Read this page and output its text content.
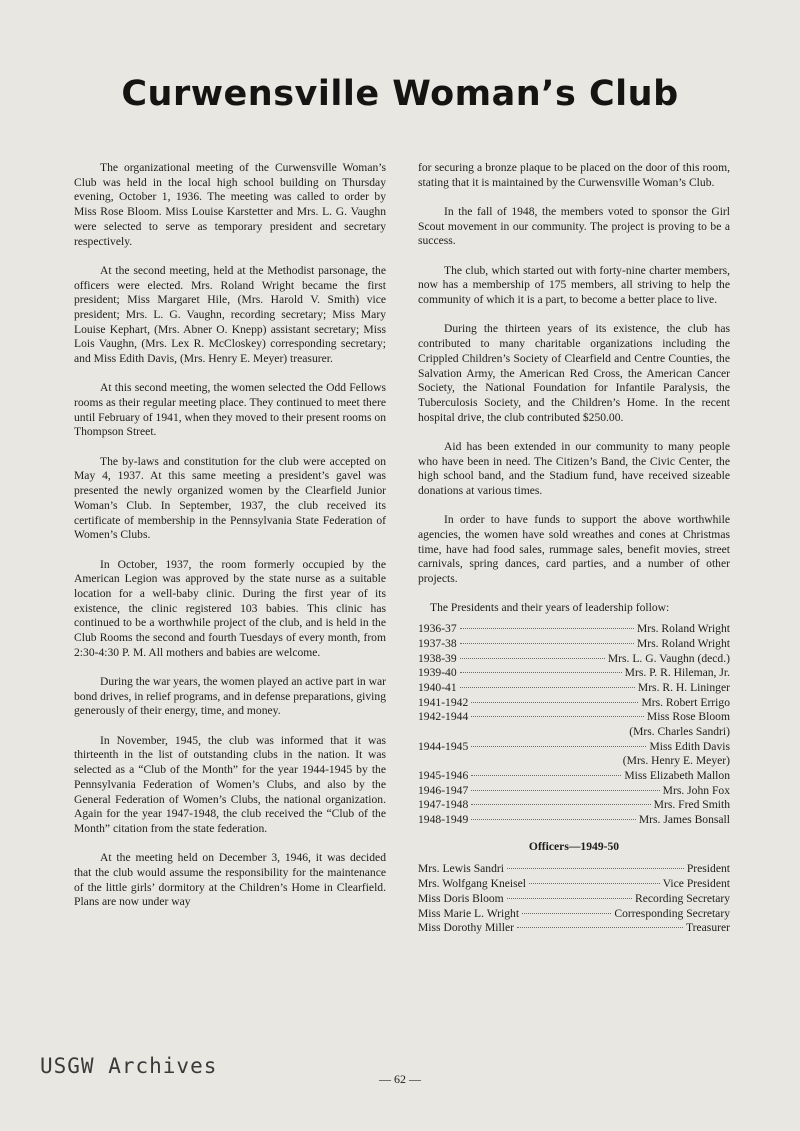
Curwensville Woman’s Club

The organizational meeting of the Curwensville Woman’s Club was held in the local high school building on Thursday evening, October 1, 1936. The meeting was called to order by Miss Rose Bloom. Miss Louise Karstetter and Mrs. L. G. Vaughn were selected to serve as temporary president and secretary respectively.

At the second meeting, held at the Methodist parsonage, the officers were elected. Mrs. Roland Wright became the first president; Miss Margaret Hile, (Mrs. Harold V. Smith) vice president; Mrs. L. G. Vaughn, recording secretary; Miss Mary Louise Kephart, (Mrs. Abner O. Knepp) assistant secretary; Miss Lois Vaughn, (Mrs. Lex R. McCloskey) corresponding secretary; and Miss Edith Davis, (Mrs. Henry E. Meyer) treasurer.

At this second meeting, the women selected the Odd Fellows rooms as their regular meeting place. They continued to meet there until February of 1941, when they moved to their present rooms on Thompson Street.

The by-laws and constitution for the club were accepted on May 4, 1937. At this same meeting a president’s gavel was presented the newly organized women by the Clearfield Junior Woman’s Club. In September, 1937, the club received its certificate of membership in the Pennsylvania State Federation of Women’s Clubs.

In October, 1937, the room formerly occupied by the American Legion was approved by the state nurse as a suitable location for a well-baby clinic. During the first year of its existence, the clinic registered 103 babies. This clinic has continued to be a worthwhile project of the club, and is held in the Club Rooms the second and fourth Tuesdays of every month, from 2:30-4:30 P. M. All mothers and babies are welcome.

During the war years, the women played an active part in war bond drives, in relief programs, and in defense preparations, giving generously of their energy, time, and money.

In November, 1945, the club was informed that it was thirteenth in the list of outstanding clubs in the nation. It was selected as a “Club of the Month” for the year 1944-1945 by the Pennsylvania Federation of Women’s Clubs, and also by the General Federation of Women’s Clubs, the national organization. Again for the year 1947-1948, the club received the “Club of the Month” citation from the state federation.

At the meeting held on December 3, 1946, it was decided that the club would assume the responsibility for the maintenance of the little girls’ dormitory at the Children’s Home in Clearfield. Plans are now under way

for securing a bronze plaque to be placed on the door of this room, stating that it is maintained by the Curwensville Woman’s Club.

In the fall of 1948, the members voted to sponsor the Girl Scout movement in our community. The project is proving to be a success.

The club, which started out with forty-nine charter members, now has a membership of 175 members, all striving to help the community of which it is a part, to become a better place to live.

During the thirteen years of its existence, the club has contributed to many charitable organizations including the Crippled Children’s Society of Clearfield and Centre Counties, the Salvation Army, the American Red Cross, the American Cancer Society, the National Foundation for Infantile Paralysis, the Tuberculosis Society, and the Children’s Home. In the recent hospital drive, the club contributed $250.00.

Aid has been extended in our community to many people who have been in need. The Citizen’s Band, the Civic Center, the high school band, and the Stadium fund, have received sizeable donations at various times.

In order to have funds to support the above worthwhile agencies, the women have sold wreathes and cones at Christmas time, have had food sales, rummage sales, benefit movies, street carnivals, spring dances, card parties, and a number of other projects.

The Presidents and their years of leadership follow:

1936-37	Mrs. Roland Wright
1937-38	Mrs. Roland Wright
1938-39	Mrs. L. G. Vaughn (decd.)
1939-40	Mrs. P. R. Hileman, Jr.
1940-41	Mrs. R. H. Lininger
1941-1942	Mrs. Robert Errigo
1942-1944	Miss Rose Bloom
(Mrs. Charles Sandri)
1944-1945	Miss Edith Davis
(Mrs. Henry E. Meyer)
1945-1946	Miss Elizabeth Mallon
1946-1947	Mrs. John Fox
1947-1948	Mrs. Fred Smith
1948-1949	Mrs. James Bonsall
Officers—1949-50
Mrs. Lewis Sandri	President
Mrs. Wolfgang Kneisel	Vice President
Miss Doris Bloom	Recording Secretary
Miss Marie L. Wright	Corresponding Secretary
Miss Dorothy Miller	Treasurer
USGW Archives
— 62 —
